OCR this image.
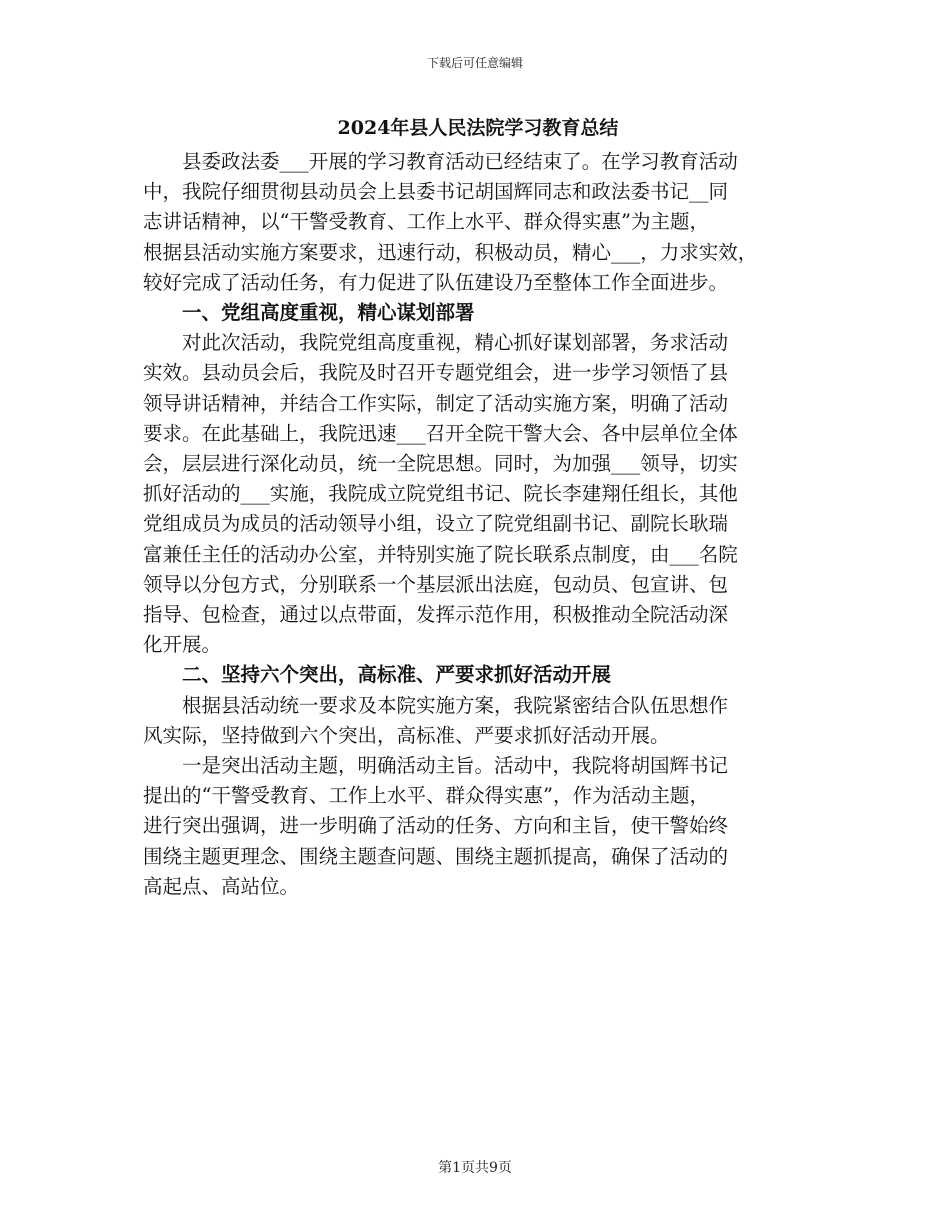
下载后可任意编辑
2024年县人民法院学习教育总结
县委政法委___开展的学习教育活动已经结束了。在学习教育活动
中，我院仔细贯彻县动员会上县委书记胡国辉同志和政法委书记__同
志讲话精神，以“干警受教育、工作上水平、群众得实惠”为主题，
根据县活动实施方案要求，迅速行动，积极动员，精心___，力求实效，
较好完成了活动任务，有力促进了队伍建设乃至整体工作全面进步。
一、党组高度重视，精心谋划部署
对此次活动，我院党组高度重视，精心抓好谋划部署，务求活动
实效。县动员会后，我院及时召开专题党组会，进一步学习领悟了县
领导讲话精神，并结合工作实际，制定了活动实施方案，明确了活动
要求。在此基础上，我院迅速___召开全院干警大会、各中层单位全体
会，层层进行深化动员，统一全院思想。同时，为加强___领导，切实
抓好活动的___实施，我院成立院党组书记、院长李建翔任组长，其他
党组成员为成员的活动领导小组，设立了院党组副书记、副院长耿瑞
富兼任主任的活动办公室，并特别实施了院长联系点制度，由___名院
领导以分包方式，分别联系一个基层派出法庭，包动员、包宣讲、包
指导、包检查，通过以点带面，发挥示范作用，积极推动全院活动深
化开展。
二、坚持六个突出，高标准、严要求抓好活动开展
根据县活动统一要求及本院实施方案，我院紧密结合队伍思想作
风实际，坚持做到六个突出，高标准、严要求抓好活动开展。
一是突出活动主题，明确活动主旨。活动中，我院将胡国辉书记
提出的“干警受教育、工作上水平、群众得实惠”，作为活动主题，
进行突出强调，进一步明确了活动的任务、方向和主旨，使干警始终
围绕主题更理念、围绕主题查问题、围绕主题抓提高，确保了活动的
高起点、高站位。
第1页共9页
